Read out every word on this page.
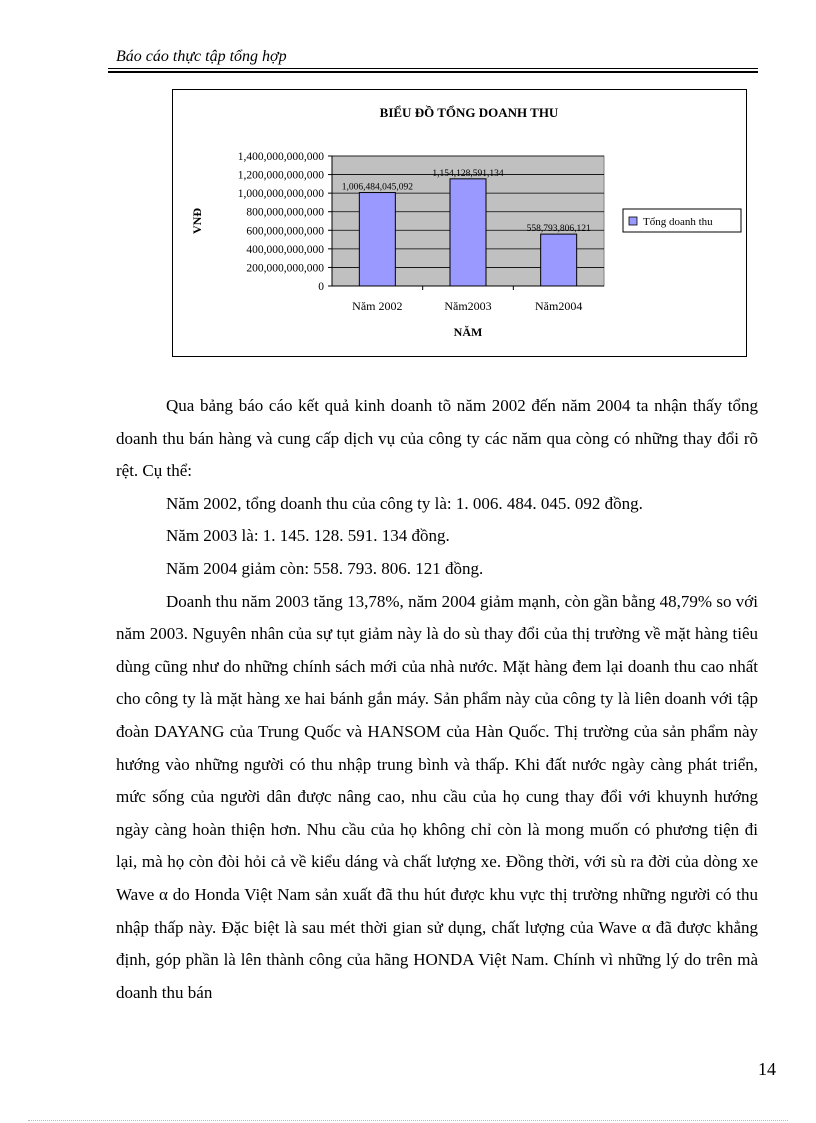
Báo cáo thực tập tổng hợp
BIỂU ĐỒ TỔNG DOANH THU
0
200,000,000,000
400,000,000,000
600,000,000,000
800,000,000,000
1,000,000,000,000
1,200,000,000,000
1,400,000,000,000
1,006,484,045,092
1,154,128,591,134
558,793,806,121
Năm 2002	Năm2003	Năm2004
VNĐ
NĂM
Tổng doanh thu

Qua bảng báo cáo kết quả kinh doanh tõ năm 2002 đến năm 2004 ta nhận thấy tổng doanh thu bán hàng và cung cấp dịch vụ của công ty các năm qua còng có những thay đổi rõ rệt. Cụ thể:

Năm 2002, tổng doanh thu của công ty là: 1. 006. 484. 045. 092 đồng.

Năm 2003 là: 1. 145. 128. 591. 134 đồng.

Năm 2004 giảm còn: 558. 793. 806. 121 đồng.

Doanh thu năm 2003 tăng 13,78%, năm 2004 giảm mạnh, còn gần bằng 48,79% so với năm 2003. Nguyên nhân của sự tụt giảm này là do sù thay đổi của thị trường về mặt hàng tiêu dùng cũng như do những chính sách mới của nhà nước. Mặt hàng đem lại doanh thu cao nhất cho công ty là mặt hàng xe hai bánh gắn máy. Sản phẩm này của công ty là liên doanh với tập đoàn DAYANG của Trung Quốc và HANSOM của Hàn Quốc. Thị trường của sản phẩm này hướng vào những người có thu nhập trung bình và thấp. Khi đất nước ngày càng phát triển, mức sống của người dân được nâng cao, nhu cầu của họ cung thay đổi với khuynh hướng ngày càng hoàn thiện hơn. Nhu cầu của họ không chỉ còn là mong muốn có phương tiện đi lại, mà họ còn đòi hỏi cả về kiểu dáng và chất lượng xe. Đồng thời, với sù ra đời của dòng xe Wave α do Honda Việt Nam sản xuất đã thu hút được khu vực thị trường những người có thu nhập thấp này. Đặc biệt là sau mét thời gian sử dụng, chất lượng của Wave α đã được khẳng định, góp phần là lên thành công của hãng HONDA Việt Nam. Chính vì những lý do trên mà doanh thu bán

14
